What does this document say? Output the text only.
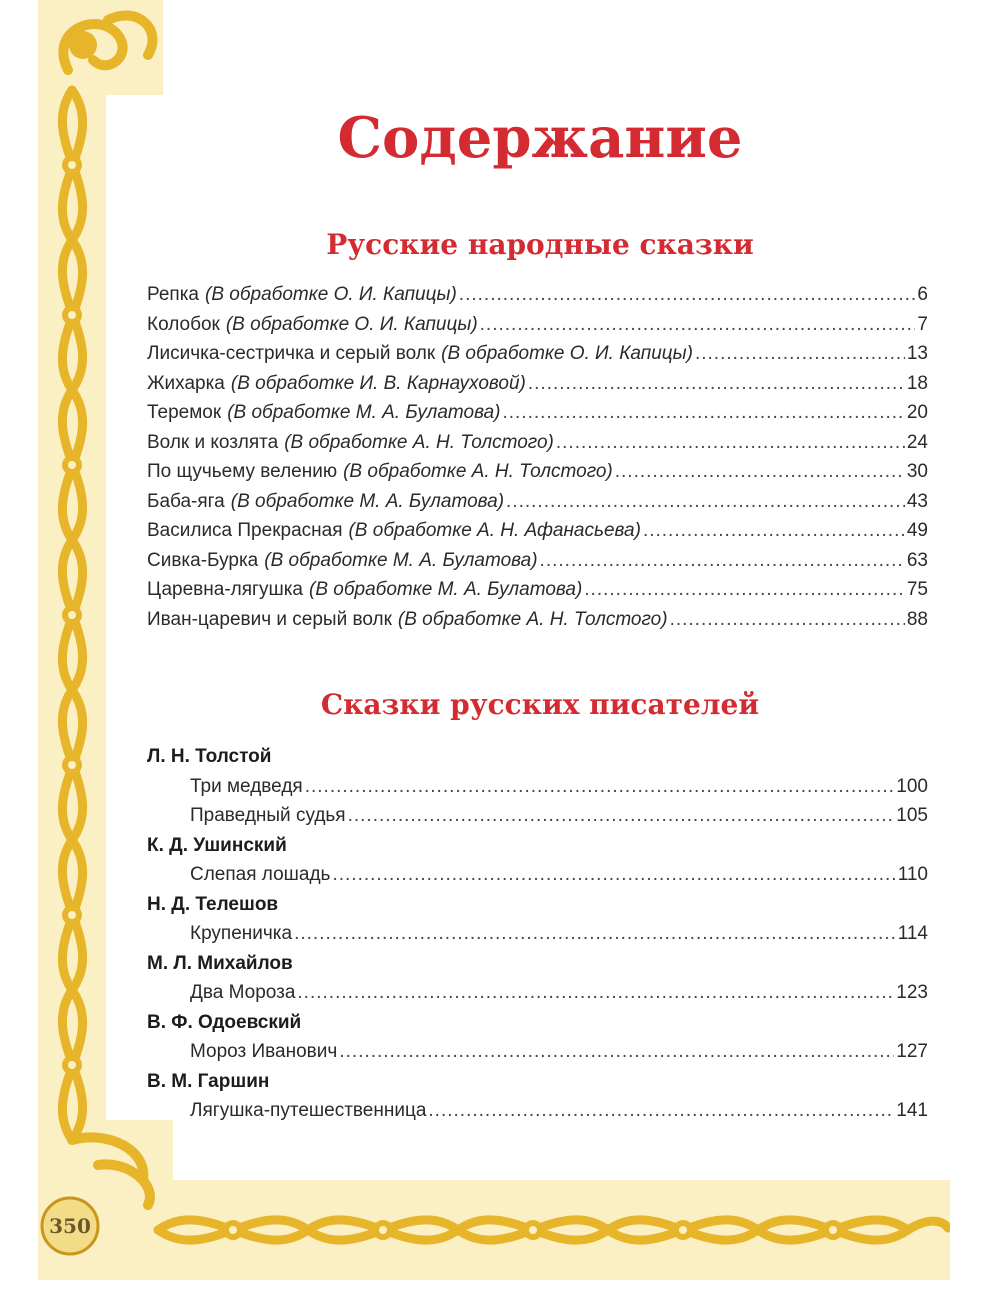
350
Содержание
Русские народные сказки
Репка (В обработке О. И. Капицы) .....	6
Колобок (В обработке О. И. Капицы) .....	7
Лисичка-сестричка и серый волк (В обработке О. И. Капицы) .....	13
Жихарка (В обработке И. В. Карнауховой) .....	18
Теремок (В обработке М. А. Булатова) .....	20
Волк и козлята (В обработке А. Н. Толстого) .....	24
По щучьему велению (В обработке А. Н. Толстого) .....	30
Баба-яга (В обработке М. А. Булатова) .....	43
Василиса Прекрасная (В обработке А. Н. Афанасьева) .....	49
Сивка-Бурка (В обработке М. А. Булатова) .....	63
Царевна-лягушка (В обработке М. А. Булатова) .....	75
Иван-царевич и серый волк (В обработке А. Н. Толстого) .....	88
Сказки русских писателей
Л. Н. Толстой
Три медведя .....	100
Праведный судья .....	105
К. Д. Ушинский
Слепая лошадь .....	110
Н. Д. Телешов
Крупеничка .....	114
М. Л. Михайлов
Два Мороза .....	123
В. Ф. Одоевский
Мороз Иванович .....	127
В. М. Гаршин
Лягушка-путешественница .....	141
